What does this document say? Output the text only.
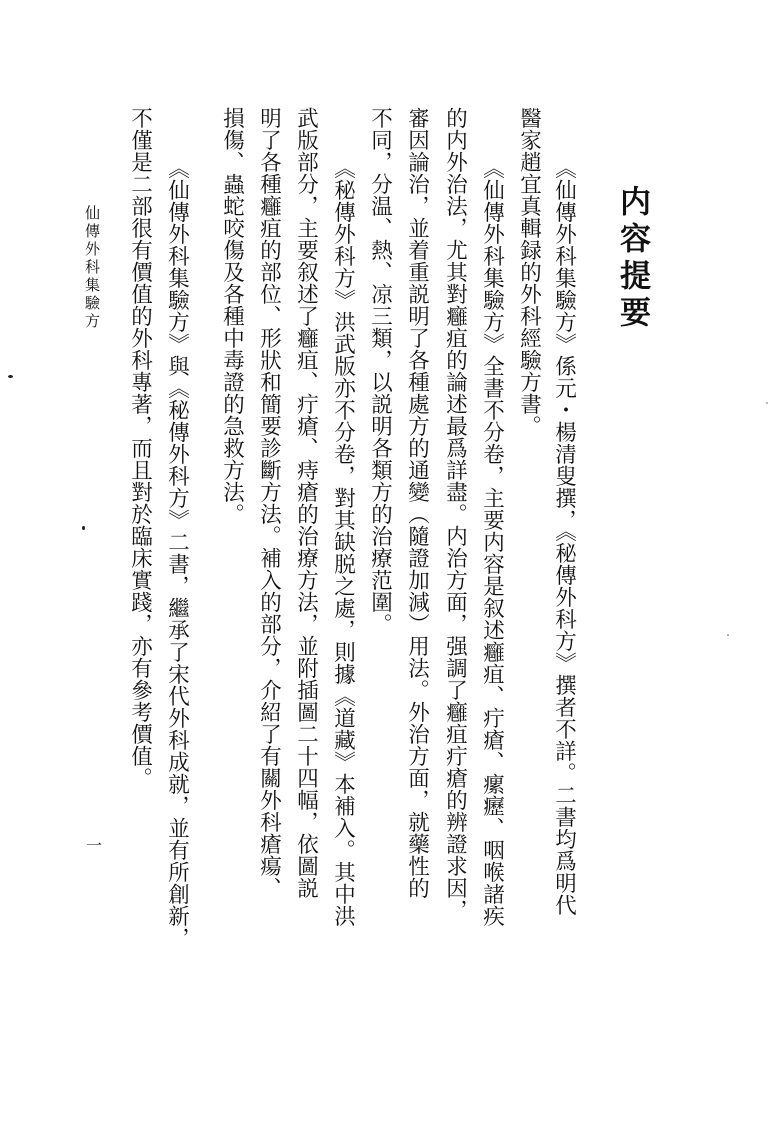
内容提要

《仙傳外科集驗方》係元・楊清叟撰，《秘傳外科方》撰者不詳。二書均爲明代

醫家趙宜真輯録的外科經驗方書。

《仙傳外科集驗方》全書不分卷，主要内容是叙述癰疽、疔瘡、瘰癧、咽喉諸疾

的内外治法，尤其對癰疽的論述最爲詳盡。内治方面，强調了癰疽疔瘡的辨證求因，

審因論治，並着重説明了各種處方的通變（隨證加減）用法。外治方面，就藥性的

不同，分温、熱、凉三類，以説明各類方的治療范圍。

《秘傳外科方》洪武版亦不分卷，對其缺脱之處，則據《道藏》本補入。其中洪

武版部分，主要叙述了癰疽、疔瘡、痔瘡的治療方法，並附插圖二十四幅，依圖説

明了各種癰疽的部位、形狀和簡要診斷方法。補入的部分，介紹了有關外科瘡瘍、

損傷、蟲蛇咬傷及各種中毒證的急救方法。

《仙傳外科集驗方》與《秘傳外科方》二書，繼承了宋代外科成就，並有所創新，

不僅是二部很有價值的外科專著，而且對於臨床實踐，亦有參考價值。

仙傳外科集驗方
一
